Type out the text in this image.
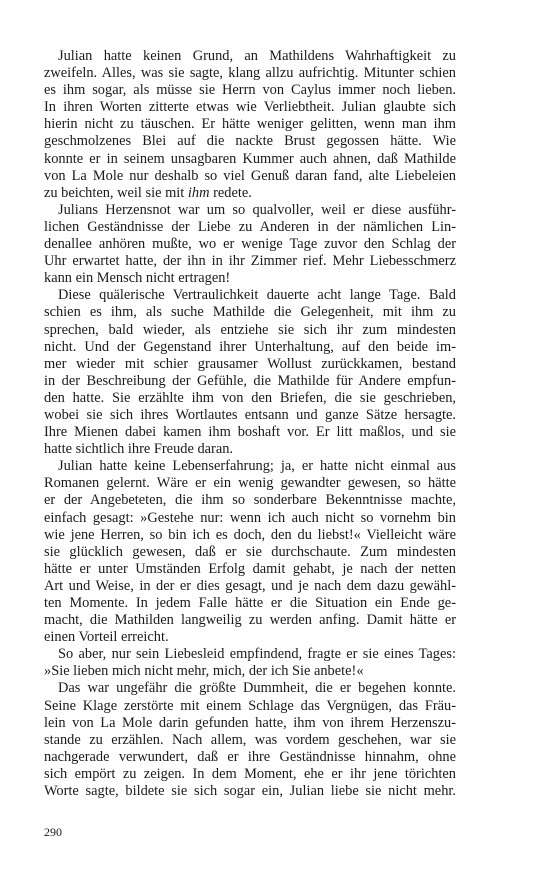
Julian hatte keinen Grund, an Mathildens Wahrhaftigkeit zu
zweifeln. Alles, was sie sagte, klang allzu aufrichtig. Mitunter schien
es ihm sogar, als müsse sie Herrn von Caylus immer noch lieben.
In ihren Worten zitterte etwas wie Verliebtheit. Julian glaubte sich
hierin nicht zu täuschen. Er hätte weniger gelitten, wenn man ihm
geschmolzenes Blei auf die nackte Brust gegossen hätte. Wie
konnte er in seinem unsagbaren Kummer auch ahnen, daß Mathilde
von La Mole nur deshalb so viel Genuß daran fand, alte Liebeleien
zu beichten, weil sie mit ihm redete.
Julians Herzensnot war um so qualvoller, weil er diese ausführ-
lichen Geständnisse der Liebe zu Anderen in der nämlichen Lin-
denallee anhören mußte, wo er wenige Tage zuvor den Schlag der
Uhr erwartet hatte, der ihn in ihr Zimmer rief. Mehr Liebesschmerz
kann ein Mensch nicht ertragen!
Diese quälerische Vertraulichkeit dauerte acht lange Tage. Bald
schien es ihm, als suche Mathilde die Gelegenheit, mit ihm zu
sprechen, bald wieder, als entziehe sie sich ihr zum mindesten
nicht. Und der Gegenstand ihrer Unterhaltung, auf den beide im-
mer wieder mit schier grausamer Wollust zurückkamen, bestand
in der Beschreibung der Gefühle, die Mathilde für Andere empfun-
den hatte. Sie erzählte ihm von den Briefen, die sie geschrieben,
wobei sie sich ihres Wortlautes entsann und ganze Sätze hersagte.
Ihre Mienen dabei kamen ihm boshaft vor. Er litt maßlos, und sie
hatte sichtlich ihre Freude daran.
Julian hatte keine Lebenserfahrung; ja, er hatte nicht einmal aus
Romanen gelernt. Wäre er ein wenig gewandter gewesen, so hätte
er der Angebeteten, die ihm so sonderbare Bekenntnisse machte,
einfach gesagt: »Gestehe nur: wenn ich auch nicht so vornehm bin
wie jene Herren, so bin ich es doch, den du liebst!« Vielleicht wäre
sie glücklich gewesen, daß er sie durchschaute. Zum mindesten
hätte er unter Umständen Erfolg damit gehabt, je nach der netten
Art und Weise, in der er dies gesagt, und je nach dem dazu gewähl-
ten Momente. In jedem Falle hätte er die Situation ein Ende ge-
macht, die Mathilden langweilig zu werden anfing. Damit hätte er
einen Vorteil erreicht.
So aber, nur sein Liebesleid empfindend, fragte er sie eines Tages:
»Sie lieben mich nicht mehr, mich, der ich Sie anbete!«
Das war ungefähr die größte Dummheit, die er begehen konnte.
Seine Klage zerstörte mit einem Schlage das Vergnügen, das Fräu-
lein von La Mole darin gefunden hatte, ihm von ihrem Herzenszu-
stande zu erzählen. Nach allem, was vordem geschehen, war sie
nachgerade verwundert, daß er ihre Geständnisse hinnahm, ohne
sich empört zu zeigen. In dem Moment, ehe er ihr jene törichten
Worte sagte, bildete sie sich sogar ein, Julian liebe sie nicht mehr.
290
